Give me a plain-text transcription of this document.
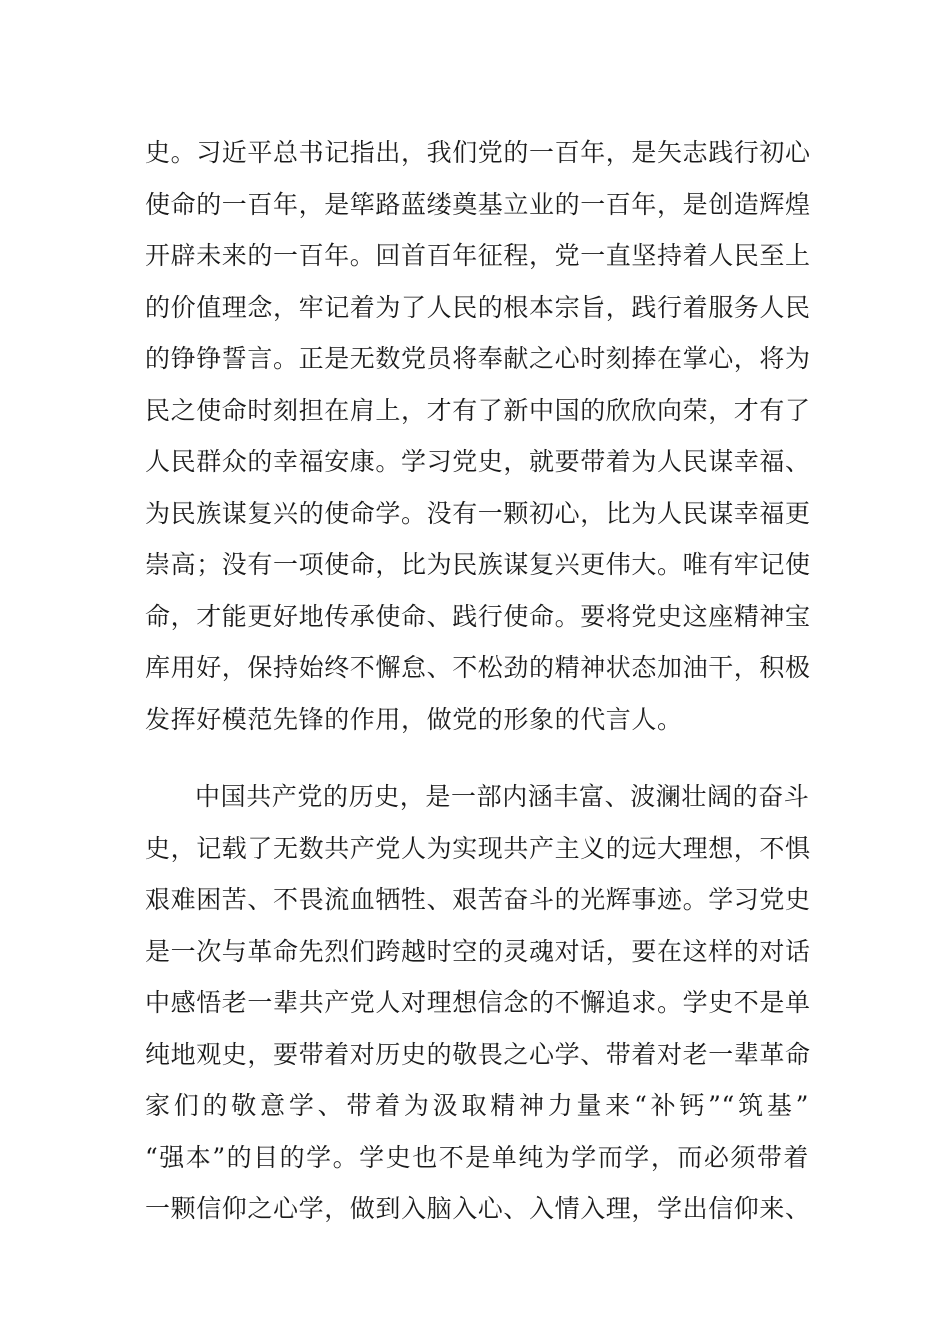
史。习近平总书记指出，我们党的一百年，是矢志践行初心
使命的一百年，是筚路蓝缕奠基立业的一百年，是创造辉煌
开辟未来的一百年。回首百年征程，党一直坚持着人民至上
的价值理念，牢记着为了人民的根本宗旨，践行着服务人民
的铮铮誓言。正是无数党员将奉献之心时刻捧在掌心，将为
民之使命时刻担在肩上，才有了新中国的欣欣向荣，才有了
人民群众的幸福安康。学习党史，就要带着为人民谋幸福、
为民族谋复兴的使命学。没有一颗初心，比为人民谋幸福更
崇高；没有一项使命，比为民族谋复兴更伟大。唯有牢记使
命，才能更好地传承使命、践行使命。要将党史这座精神宝
库用好，保持始终不懈怠、不松劲的精神状态加油干，积极
发挥好模范先锋的作用，做党的形象的代言人。
中国共产党的历史，是一部内涵丰富、波澜壮阔的奋斗
史，记载了无数共产党人为实现共产主义的远大理想，不惧
艰难困苦、不畏流血牺牲、艰苦奋斗的光辉事迹。学习党史
是一次与革命先烈们跨越时空的灵魂对话，要在这样的对话
中感悟老一辈共产党人对理想信念的不懈追求。学史不是单
纯地观史，要带着对历史的敬畏之心学、带着对老一辈革命
家们的敬意学、带着为汲取精神力量来“补钙”“筑基”
“强本”的目的学。学史也不是单纯为学而学，而必须带着
一颗信仰之心学，做到入脑入心、入情入理，学出信仰来、
